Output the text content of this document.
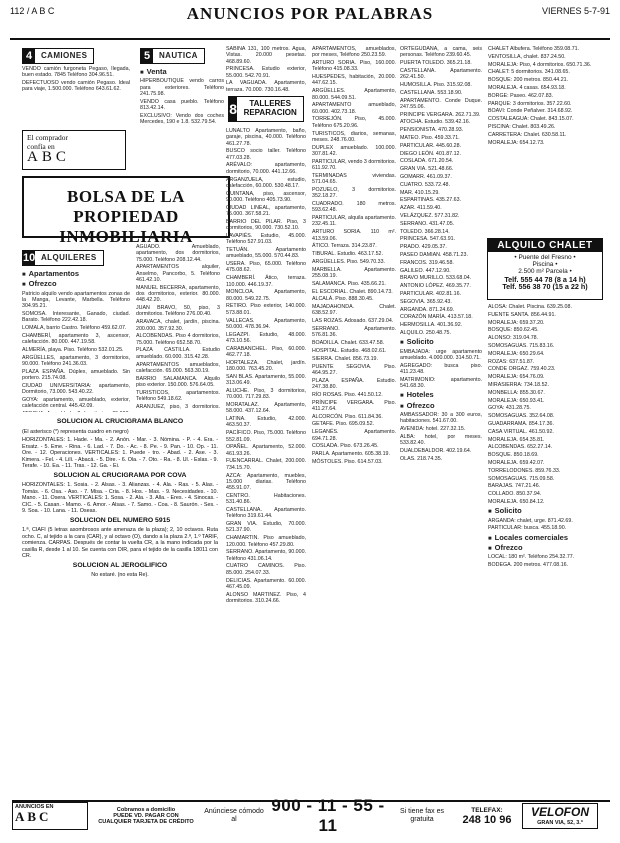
112 / A B C	ANUNCIOS POR PALABRAS	VIERNES 5-7-91
4	CAMIONES

VENDO camión furgoneta Pegaso, Ilegada, buen estado. 7845 Teléfono 304.96.51.

DEFECTUOSO vendo camión Pegaso. Ideal para viaje, 1.500.000. Teléfono 643.61.62.

El comprador
confía en
ABC
BOLSA DE LA PROPIEDAD INMOBILIARIA
10 ALQUILERES
■ Apartamentos
■ Ofrezco

Patricio alquilo vendo apartamentos zonas de la Manga, Levante, Marbella. Teléfono 304.95.21.

SOMOSA. Interesante, Ganado, ciudad. Barato. Teléfono 222.42.18.

LOMALA, barrio Castro. Teléfono 459.62.07.

CHAMBERÍ, apartamento 3, ascensor, calefacción. 80.000. 447.19.58.

ALMERÍA, playa. Piso. Teléfono 532.01.25.

ARGÜELLES, apartamento, 3 dormitorios, 90.000. Teléfono 241.36.03.

PLAZA ESPAÑA. Dúplex, amueblado. Sin portero. 215.74.08.

CIUDAD UNIVERSITARIA: apartamento, Dormitorio, 73.000. 543.40.22.

GOYA: apartamento, amueblado, exterior, calefacción central. 445.42.09.

SOLUCION AL CRUCIGRAMA BLANCO
(El asterisco (*) representa cuadro en negro)
HORIZONTALES: 1. Hade. - Ma. - 2. Anón. - Mar. - 3. Nómina. - P. - 4. Era. - Ersatz. - 5. Eme. - Rina. - 6. Lad. - 7. Do. - Ac. - 8. Pe. - 9. Pan. - 10. Op. - 11. Ore. - 12. Operaciones. VERTICALES: 1. Puede - tro. - Abad. - 2. Ase. - 3. Kimera. - Fel. - 4. Lilí. - Abacá. - 5. Dire. - 6. Ola. - 7. Oto. - Ra. - 8. Ul. - Eslas. - 9. Terafe. - 10. Ea. - 11. Tras. - 12. Ga. - Ei.
SOLUCION AL CRUCIGRAMA POR COVA
HORIZONTALES: 1. Sosia. - 2. Alsas. - 3. Alianzas. - 4. Ala. - Ras. - 5. Alas. - Tomás. - 6. Osa. - Aso. - 7. Misa. - Cria. - 8. Hos. - Mas. - 9. Necesidades. - 10. Mano. - 11. Osera. VERTICALES: 1. Sosa. - 2. Ala. - 3. Alla. - Eres. - 4. Sinocas. - CIC. - 5. Casan. - Mamo. - 6. Amor. - Alsas. - 7. Samo. - Coa. - 8. Saurón. - Ses. - 9. Soa. - 10. Lana. - 11. Oseas.
SOLUCION DEL NUMERO 5915
1.ª, CIAFI (5 letras asombrosos ante amenaza de la plaza); 2, 10 octavos. Ruta ocho. C, al tejido a la cara (CAR), y al octavo (O), dando a la plaza 2.ª, 1.º TARIF, comienza. CARPAS. Después de contar la vuelta CR, a la mano indicada por la casilla R, desde 1 al 10. Se cuenta con DIR, para el tejido de la casilla 18011 con CR.
SOLUCION AL JEROGLIFICO
No estaré. (no esta Re).
5	NAUTICA
■ Venta

HIPERBOUTIQUE vendo carros para exteriores. Teléfono 241.75.98.

VENDO casa pueblo. Teléfono 813.42.14.

EXCLUSIVO: Vendo dos coches Mercedes, 190 e 1.8. 532.79.54.

AGUADO. Amueblado, apartamento, dos dormitorios, 75.000. Teléfono 208.12.44.

APARTAMENTOS alquiler, Anselmo, Pancorbo, 5. Teléfono 461.42.10.

MANUEL BECERRA, apartamento, dos dormitorios, exterior. 80.000. 448.42.20.

JUAN BRAVO, 50, piso, 3 dormitorios. Teléfono 276.00.40.

ARAVACA, chalet, jardín, piscina. 200.000. 357.92.30.

ALCOBENDAS. Piso 4 dormitorios, 75.000. Teléfono 652.58.70.

PLAZA CASTILLA. Estudio amueblado. 60.000. 315.42.28.

APARTAMENTOS amueblados, calefacción. 65.000. 563.30.19.

BARRIO SALAMANCA. Alquilo piso exterior. 150.000. 576.64.05.

TURISTICOS, apartamentos. Teléfono 549.18.62.

ARANJUEZ, piso, 3 dormitorios.

SABINA 131, 100 metros. Agua, Vistas. 20.000 pesetas. 468.89.60.

PRINCESA. Estudio exterior, 55.000. 542.70.91.

LA VAGUADA. Apartamento, terraza. 70.000. 730.16.48.

8	TALLERES REPARACION

LUNALTO Apartamento, baño, garaje, piscina, 40.000. Teléfono 461.27.78.

BUSCO socio taller. Teléfono 477.03.28.

ARÉVALO: apartamento, dormitorio, 70.000. 441.12.66.

ARGANZUELA, estudio, calefacción, 60.000. 530.48.17.

QUINTANA, piso, ascensor, 90.000. Teléfono 405.73.90.

CIUDAD LINEAL, apartamento, 75.000. 367.58.21.

BARRIO DEL PILAR. Piso, 3 dormitorios, 90.000. 730.52.10.

LAVAPIÉS. Estudio, 45.000. Teléfono 527.91.03.

TETUÁN. Apartamento amueblado, 55.000. 570.44.83.

USERA. Piso, 65.000. Teléfono 475.08.62.

CHAMBERÍ. Ático, terraza. 110.000. 446.19.37.

MONCLOA. Apartamento, 80.000. 549.22.75.

RETIRO. Piso exterior, 140.000. 573.88.01.

VALLECAS. Apartamento, 50.000. 478.36.94.

LEGAZPI. Estudio, 48.000. 473.10.56.

CARABANCHEL. Piso, 60.000. 462.77.18.

HORTALEZA. Chalet, jardín. 180.000. 763.45.20.

SAN BLAS. Apartamento, 55.000. 313.06.49.

ALUCHE. Piso, 3 dormitorios, 70.000. 717.29.83.

MORATALAZ. Apartamento, 58.000. 437.12.64.

LATINA. Estudio, 42.000. 463.50.37.

PACÍFICO. Piso, 75.000. Teléfono 552.81.09.

OPAÑEL. Apartamento, 52.000. 461.93.26.

FUENCARRAL. Chalet, 200.000. 734.15.70.

AZCA: Apartamento, muebles, 15.000 diarias. Teléfono 455.91.07.

CENTRO. Habitaciones. 531.40.86.

CASTELLANA. Apartamento. Teléfono 319.61.44.

GRAN VIA. Estudio, 70.000. 521.37.90.

CHAMARTIN. Piso amueblado, 120.000. Teléfono 457.29.80.

SERRANO. Apartamento, 90.000. Teléfono 431.06.14.

CUATRO CAMINOS. Piso. 85.000. 254.07.33.

DELICIAS. Apartamento. 60.000. 467.45.09.

ALONSO MARTINEZ. Piso, 4 dormitorios. 310.24.66.

APARTAMENTOS, amueblados, por meses, Teléfono 250.23.59.

ARTURO SORIA. Piso, 160.000. Teléfono 415.08.33.

HUESPEDES, habitación, 20.000. 447.62.15.

ARGÜELLES. Apartamento, 80.000. 544.09.51.

APARTAMENTO amueblado, 60.000. 402.73.18.

TORREJÓN. Piso, 45.000. Teléfono 675.20.96.

TURISTICOS, diarios, semanas, meses. 248.76.00.

DUPLEX amueblado. 100.000. 307.81.42.

PARTICULAR, vendo 3 dormitorios. 611.92.70.

TERMINADAS viviendas. 571.04.65.

POZUELO, 3 dormitorios. 352.18.27.

CUADRADO. 180 metros. 593.62.48.

PARTICULAR, alquila apartamento. 232.45.11.

ARTURO SORIA. 110 m². 413.59.06.

ÁTICO. Terraza. 314.23.87.

TIBURAL. Estudio. 463.17.52.

ARGÜELLES. Piso. 549.70.33.

MARBELLA. Apartamento. 255.08.19.

SALAMANCA. Piso. 435.66.21.

EL ESCORIAL. Chalet. 890.14.73.

ALCALÁ. Piso. 888.30.45.

MAJADAHONDA. Chalet. 638.52.97.

LAS ROZAS. Adosado. 637.29.04.

SERRANO. Apartamento. 576.81.36.

BOADILLA. Chalet. 633.47.58.

HOSPITAL. Estudio. 468.02.61.

SIERRA. Chalet. 856.73.19.

PUENTE SEGOVIA. Piso. 464.95.27.

PLAZA ESPAÑA. Estudio. 247.38.80.

RÍO ROSAS. Piso. 441.50.12.

PRÍNCIPE VERGARA. Piso. 411.27.64.

ALCORCÓN. Piso. 611.84.36.

GETAFE. Piso. 695.09.52.

LEGANÉS. Apartamento. 694.71.28.

COSLADA. Piso. 673.26.45.

PARLA. Apartamento. 605.38.19.

MÓSTOLES. Piso. 614.57.03.

ORTEGUDANA, a cama, seis personas. Teléfono 239.60.45.

PUERTA TOLEDO. 365.21.18.

CASTELLANA. Apartamento. 262.41.50.

HUMOSILLA. Piso. 315.92.08.

CASTELLANA. 553.18.90.

APARTAMENTO. Conde Duque. 247.55.06.

PRINCIPE VERGARA. 262.71.39.

ATOCHA. Estudio. 539.42.16.

PENSIONISTA. 470.28.93.

MATEO. Piso. 459.33.71.

PARTICULAR. 445.60.28.

DIEGO LEÓN. 401.87.12.

COSLADA. 671.20.54.

GRAN VIA. 521.48.66.

GOMARR. 461.09.37.

CUATRO. 533.72.48.

MAR. 410.15.29.

ESPARTINAS. 435.27.63.

AZAR. 411.59.40.

VELÁZQUEZ. 577.31.82.

SERRANO. 431.47.05.

TOLEDO. 366.28.14.

PRINCESA. 547.63.91.

PRADO. 429.05.37.

PASEO DAMIAN. 458.71.23.

FRANCOS. 319.46.58.

GALILEO. 447.12.90.

BRAVO MURILLO. 533.68.04.

ANTONIO LÓPEZ. 469.35.77.

PARTICULAR. 402.81.16.

SEGOVIA. 365.92.43.

ARGANDA. 871.24.69.

CORAZÓN MARÍA. 413.57.18.

HERMOSILLA. 401.36.92.

ALQUILO. 250.48.75.

■ Solicito

EMBAJADA: urge apartamento amueblado. 4.000.000. 314.50.71.

AGREGADO: busca piso. 411.23.48.

MATRIMONIO: apartamento. 541.68.30.

■ Hoteles
■ Ofrezco

AMBASSADOR: 30 a 300 euros, habitaciones. 541.67.00.

AVENIDA: hotel. 227.32.15.

ALBA: hotel, por meses. 533.82.40.

DUALDEBALDOR. 402.19.64.

OLAS. 218.74.35.

CHALET Albufera. Teléfono 359.08.71.

VENTOSILLA, chalet. 837.24.50.

MORALEJA: Piso, 4 dormitorios. 650.71.36.

CHALET: 5 dormitorios. 341.08.65.

BOSQUE: 200 metros. 850.44.21.

MORALEJA. 4 casas. 654.93.18.

BORGE: Paseo. 462.07.83.

PARQUE: 3 dormitorios. 357.22.60.

BOAVI: Conde Peñalver. 314.68.92.

COSTALEAGUA: Chalet. 843.15.07.

PISCINA: Chalet. 803.49.26.

CARRETERA: Chalet. 630.58.11.

MORALEJA: 654.12.73.

ALQUILO CHALET
• Puente del Fresno •
Piscina •
2.500 m² Parcela •
Telf. 555 44 78 (8 a 14 h)
Telf. 556 38 70 (15 a 22 h)

ALOSA: Chalet. Piscina. 639.25.08.

FUENTE SANTA. 856.44.91.

MORALEJA: 659.37.20.

BOSQUE: 850.62.45.

ALONSO: 319.04.78.

SOMOSAGUAS. 715.83.16.

MORALEJA: 650.29.64.

ROZAS: 637.51.87.

CONDE ORGAZ. 759.40.23.

MORALEJA: 654.76.09.

MIRASIERRA: 734.18.52.

MONBELLA: 855.30.67.

MORALEJA: 650.93.41.

GOYA: 431.28.75.

SOMOSAGUAS. 352.64.08.

GUADARRAMA. 854.17.36.

CASA VIRTUAL. 461.50.92.

MORALEJA. 654.35.81.

ALCOBENDAS. 652.27.14.

BOSQUE. 850.18.69.

MORALEJA. 659.42.07.

TORRELODONES. 859.76.33.

SOMOSAGUAS. 715.09.58.

BARAJAS. 747.21.46.

COLLADO. 850.37.94.

MORALEJA. 650.84.12.

■ Solicito

ARGANDA: chalet, urge. 871.42.69.

PARTICULAR: busca. 455.18.90.

■ Locales comerciales
■ Ofrezco

LOCAL: 180 m². Teléfono 254.32.77.

BODEGA. 200 metros. 477.08.16.

ANUNCIOS EN
ABC	Cobramos a domicilio
PUEDE VD. PAGAR CON
CUALQUIER TARJETA DE CRÉDITO
Anúnciese cómodo al
900 - 11 - 55 - 11
Si tiene fax es gratuita
TELEFAX:
248 10 96
VELOFON
GRAN VIA, 52, 3.ª
